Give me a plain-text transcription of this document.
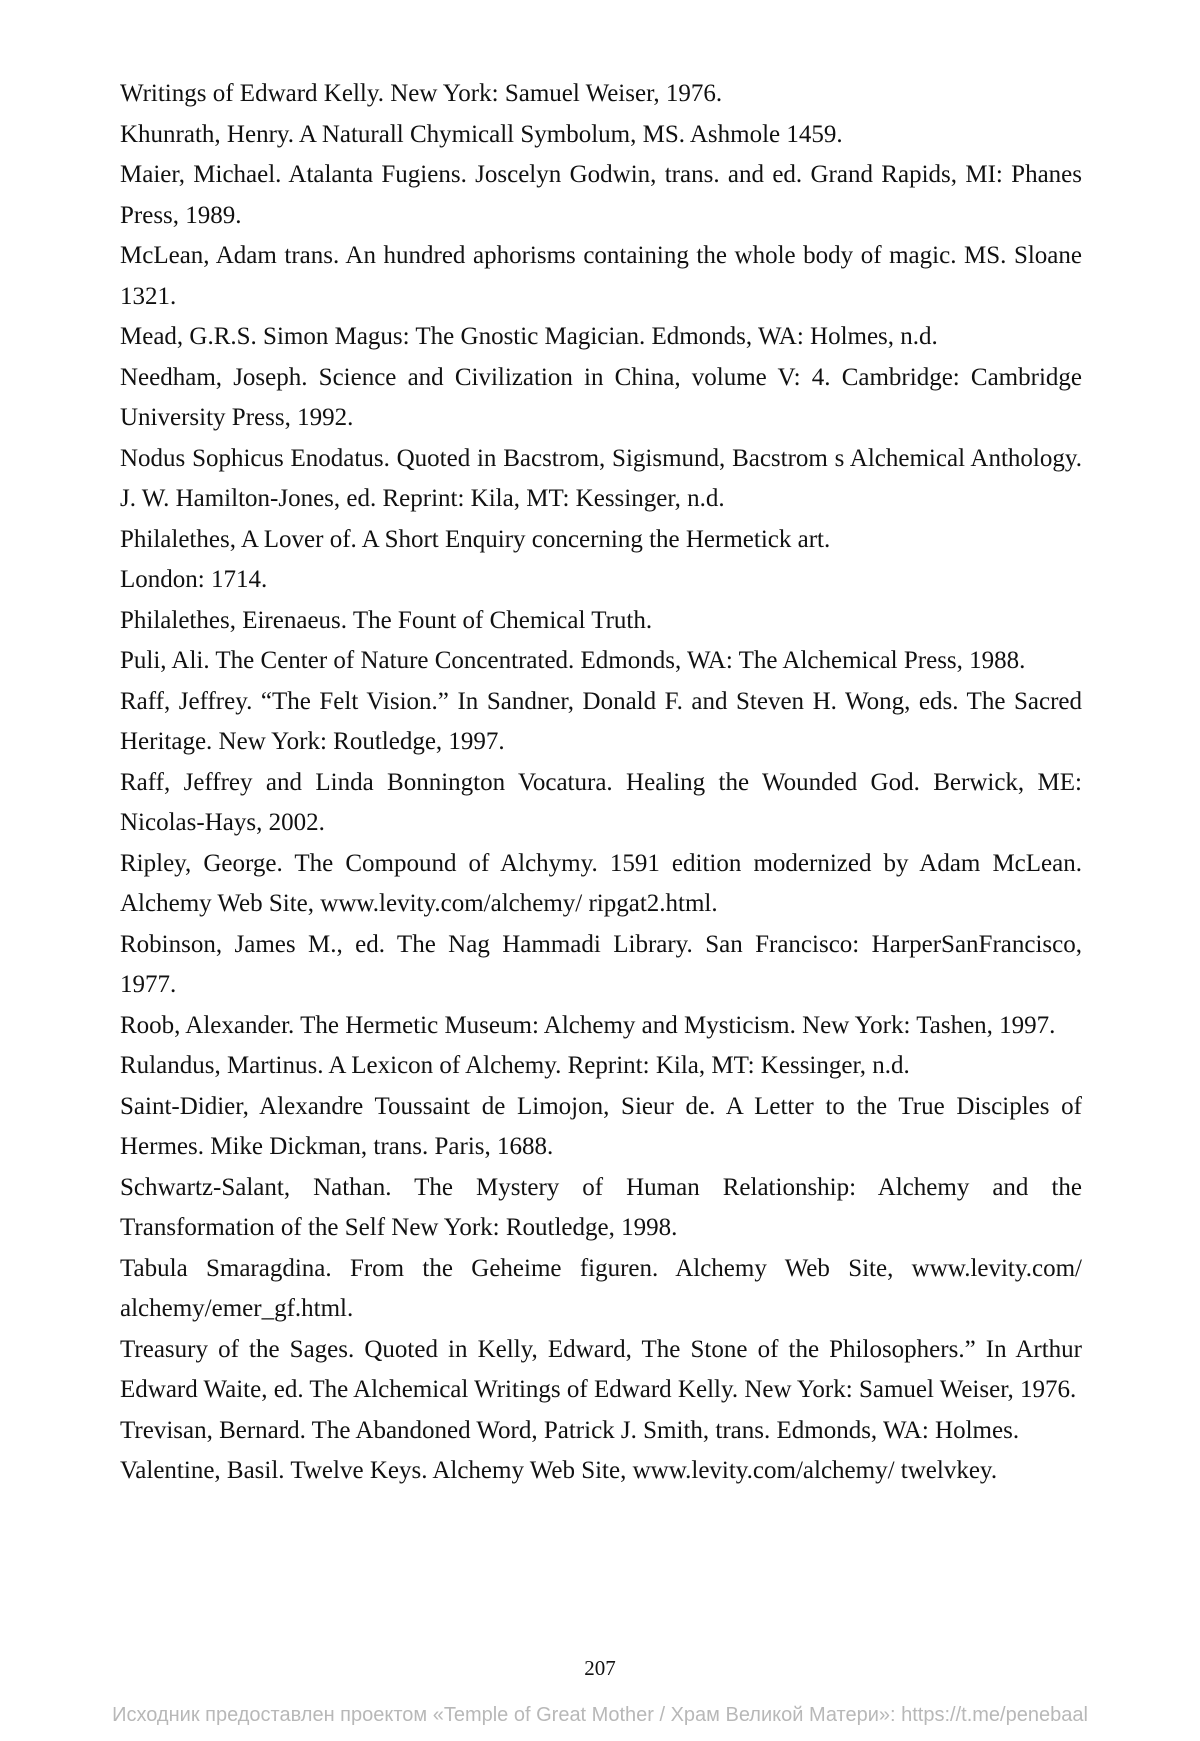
Writings of Edward Kelly. New York: Samuel Weiser, 1976.
Khunrath, Henry. A Naturall Chymicall Symbolum, MS. Ashmole 1459.
Maier, Michael. Atalanta Fugiens. Joscelyn Godwin, trans. and ed. Grand Rapids, MI: Phanes Press, 1989.
McLean, Adam trans. An hundred aphorisms containing the whole body of magic. MS. Sloane 1321.
Mead, G.R.S. Simon Magus: The Gnostic Magician. Edmonds, WA: Holmes, n.d.
Needham, Joseph. Science and Civilization in China, volume V: 4. Cambridge: Cambridge University Press, 1992.
Nodus Sophicus Enodatus. Quoted in Bacstrom, Sigismund, Bacstrom s Alchemical Anthology. J. W. Hamilton-Jones, ed. Reprint: Kila, MT: Kessinger, n.d.
Philalethes, A Lover of. A Short Enquiry concerning the Hermetick art.
London: 1714.
Philalethes, Eirenaeus. The Fount of Chemical Truth.
Puli, Ali. The Center of Nature Concentrated. Edmonds, WA: The Alchemical Press, 1988.
Raff, Jeffrey. “The Felt Vision.” In Sandner, Donald F. and Steven H. Wong, eds. The Sacred Heritage. New York: Routledge, 1997.
Raff, Jeffrey and Linda Bonnington Vocatura. Healing the Wounded God. Berwick, ME: Nicolas-Hays, 2002.
Ripley, George. The Compound of Alchymy. 1591 edition modernized by Adam McLean. Alchemy Web Site, www.levity.com/alchemy/ ripgat2.html.
Robinson, James M., ed. The Nag Hammadi Library. San Francisco: HarperSanFrancisco, 1977.
Roob, Alexander. The Hermetic Museum: Alchemy and Mysticism. New York: Tashen, 1997.
Rulandus, Martinus. A Lexicon of Alchemy. Reprint: Kila, MT: Kessinger, n.d.
Saint-Didier, Alexandre Toussaint de Limojon, Sieur de. A Letter to the True Disciples of Hermes. Mike Dickman, trans. Paris, 1688.
Schwartz-Salant, Nathan. The Mystery of Human Relationship: Alchemy and the Transformation of the Self New York: Routledge, 1998.
Tabula Smaragdina. From the Geheime figuren. Alchemy Web Site, www.levity.com/ alchemy/emer_gf.html.
Treasury of the Sages. Quoted in Kelly, Edward, The Stone of the Philosophers.” In Arthur Edward Waite, ed. The Alchemical Writings of Edward Kelly. New York: Samuel Weiser, 1976.
Trevisan, Bernard. The Abandoned Word, Patrick J. Smith, trans. Edmonds, WA: Holmes.
Valentine, Basil. Twelve Keys. Alchemy Web Site, www.levity.com/alchemy/ twelvkey.
207
Исходник предоставлен проектом «Temple of Great Mother / Храм Великой Матери»: https://t.me/penebaal
